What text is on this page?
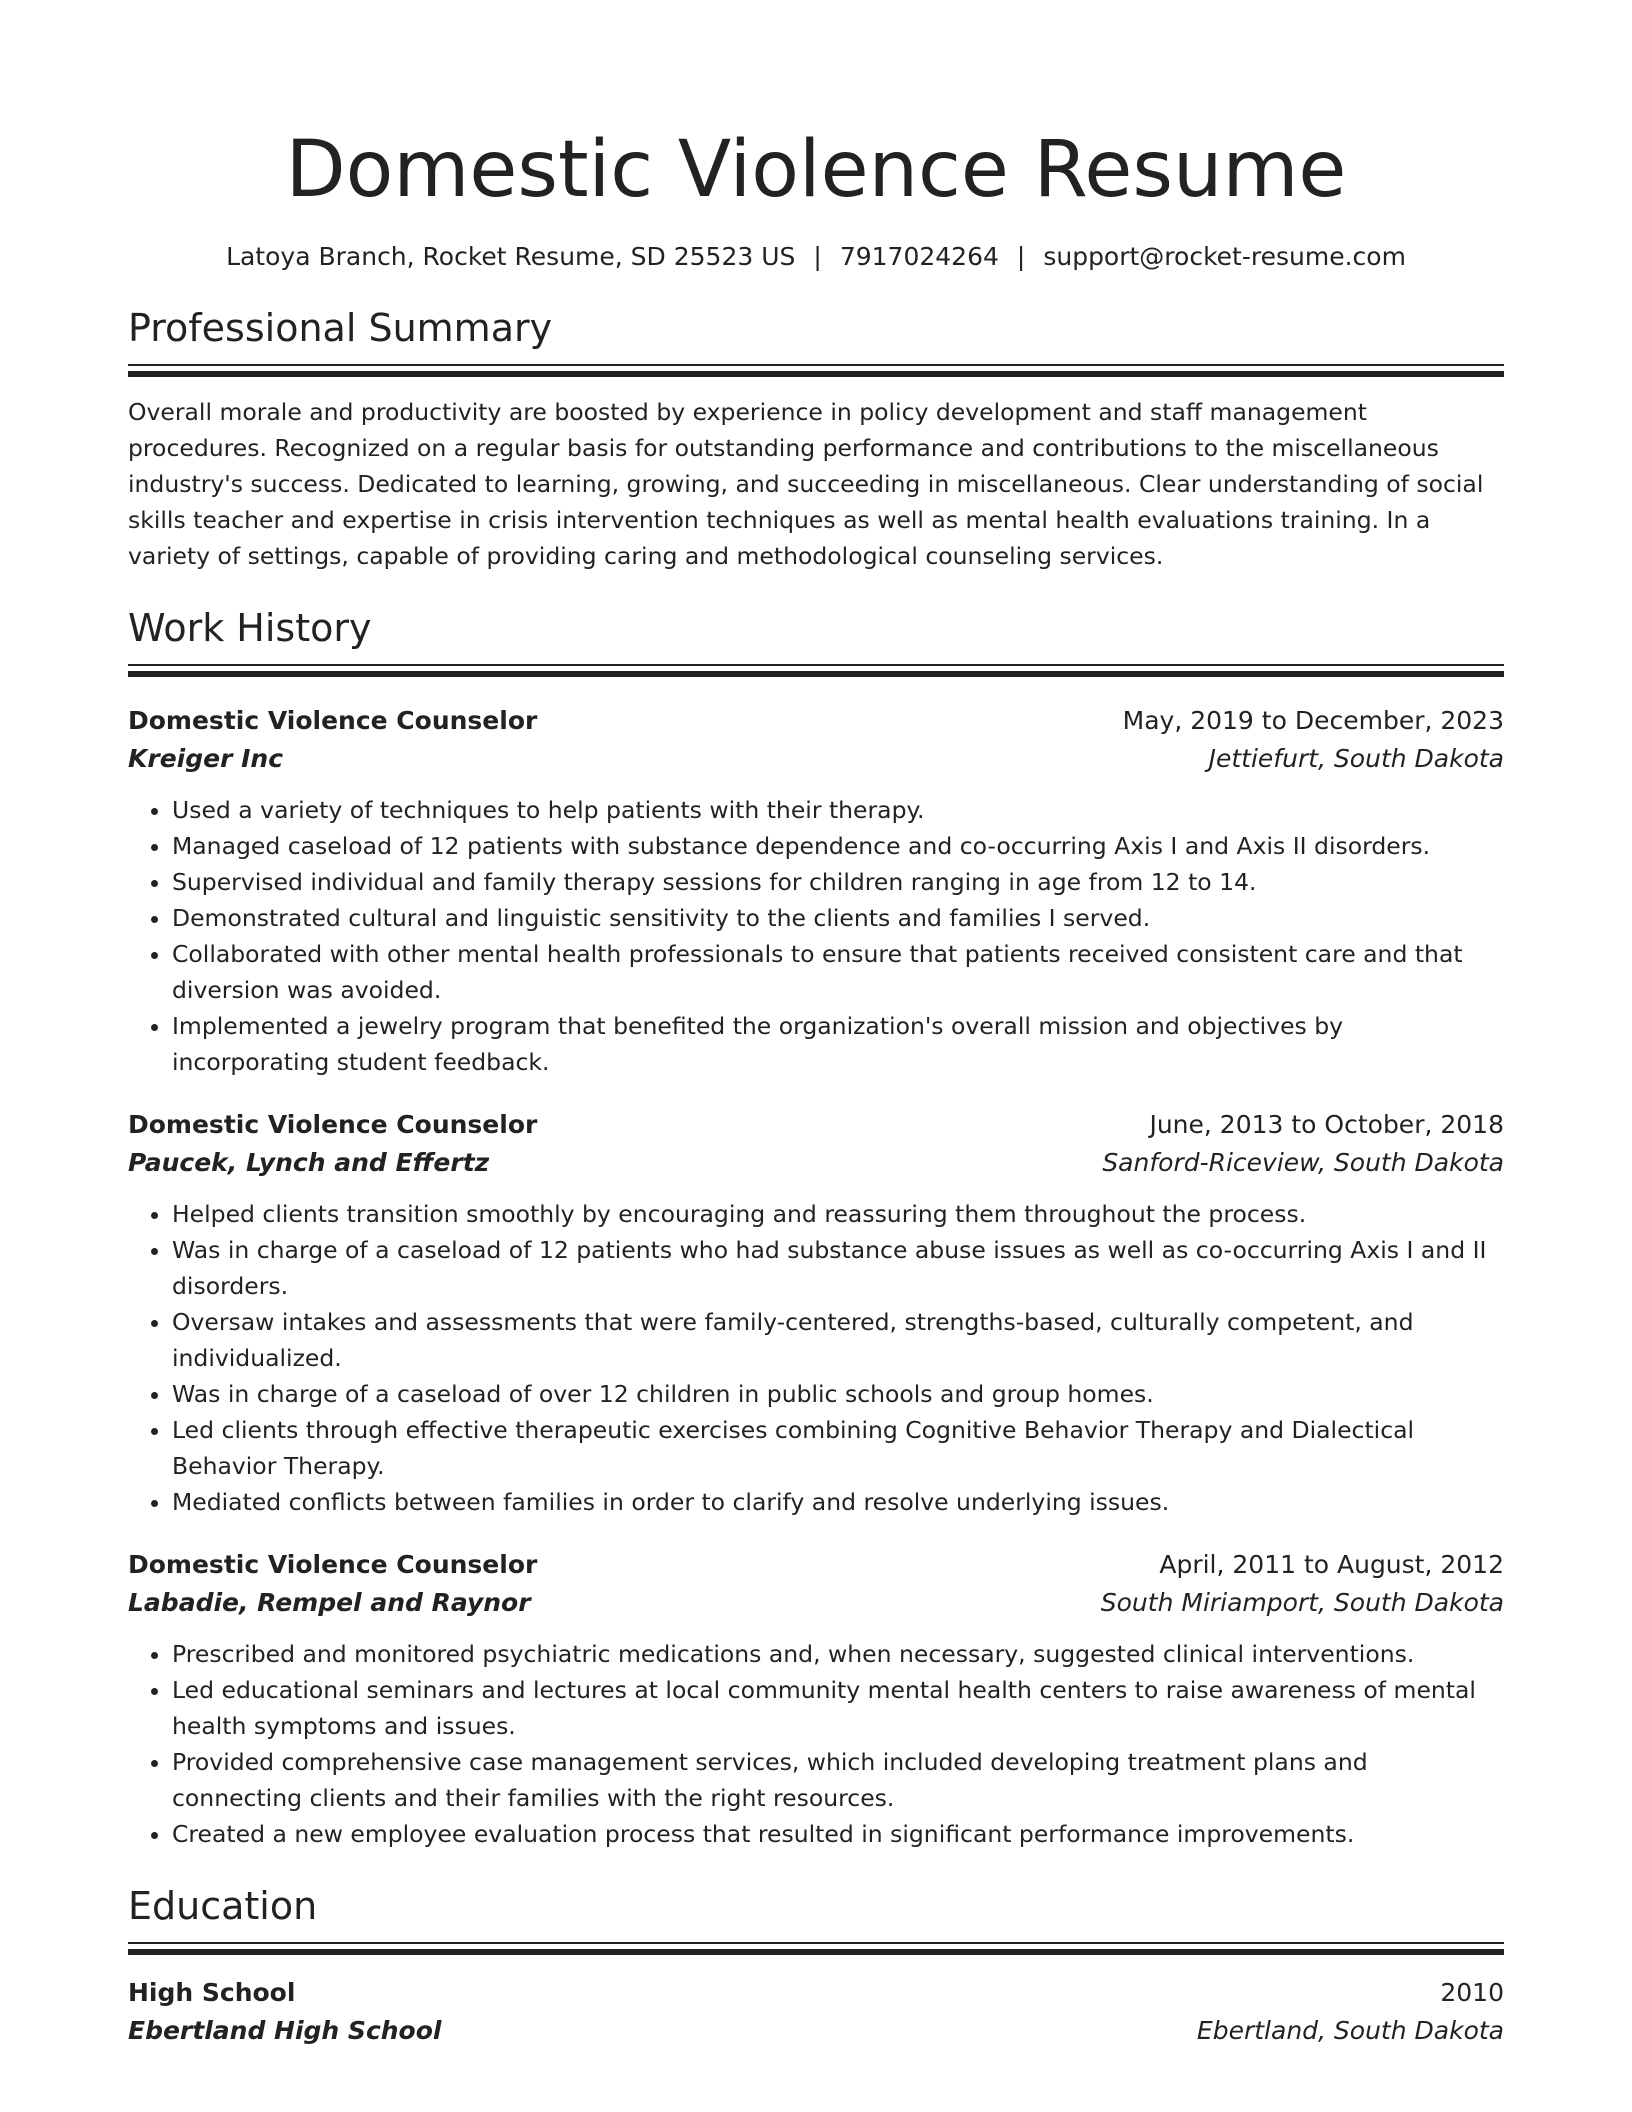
Domestic Violence Resume
Latoya Branch, Rocket Resume, SD 25523 US | 7917024264 | support@rocket-resume.com
Professional Summary
Overall morale and productivity are boosted by experience in policy development and staff management procedures. Recognized on a regular basis for outstanding performance and contributions to the miscellaneous industry's success. Dedicated to learning, growing, and succeeding in miscellaneous. Clear understanding of social skills teacher and expertise in crisis intervention techniques as well as mental health evaluations training. In a variety of settings, capable of providing caring and methodological counseling services.
Work History
Domestic Violence Counselor	May, 2019 to December, 2023
Kreiger Inc	Jettiefurt, South Dakota
• Used a variety of techniques to help patients with their therapy.
• Managed caseload of 12 patients with substance dependence and co-occurring Axis I and Axis II disorders.
• Supervised individual and family therapy sessions for children ranging in age from 12 to 14.
• Demonstrated cultural and linguistic sensitivity to the clients and families I served.
• Collaborated with other mental health professionals to ensure that patients received consistent care and that diversion was avoided.
• Implemented a jewelry program that benefited the organization's overall mission and objectives by incorporating student feedback.
Domestic Violence Counselor	June, 2013 to October, 2018
Paucek, Lynch and Effertz	Sanford-Riceview, South Dakota
• Helped clients transition smoothly by encouraging and reassuring them throughout the process.
• Was in charge of a caseload of 12 patients who had substance abuse issues as well as co-occurring Axis I and II disorders.
• Oversaw intakes and assessments that were family-centered, strengths-based, culturally competent, and individualized.
• Was in charge of a caseload of over 12 children in public schools and group homes.
• Led clients through effective therapeutic exercises combining Cognitive Behavior Therapy and Dialectical Behavior Therapy.
• Mediated conflicts between families in order to clarify and resolve underlying issues.
Domestic Violence Counselor	April, 2011 to August, 2012
Labadie, Rempel and Raynor	South Miriamport, South Dakota
• Prescribed and monitored psychiatric medications and, when necessary, suggested clinical interventions.
• Led educational seminars and lectures at local community mental health centers to raise awareness of mental health symptoms and issues.
• Provided comprehensive case management services, which included developing treatment plans and connecting clients and their families with the right resources.
• Created a new employee evaluation process that resulted in significant performance improvements.
Education
High School	2010
Ebertland High School	Ebertland, South Dakota
